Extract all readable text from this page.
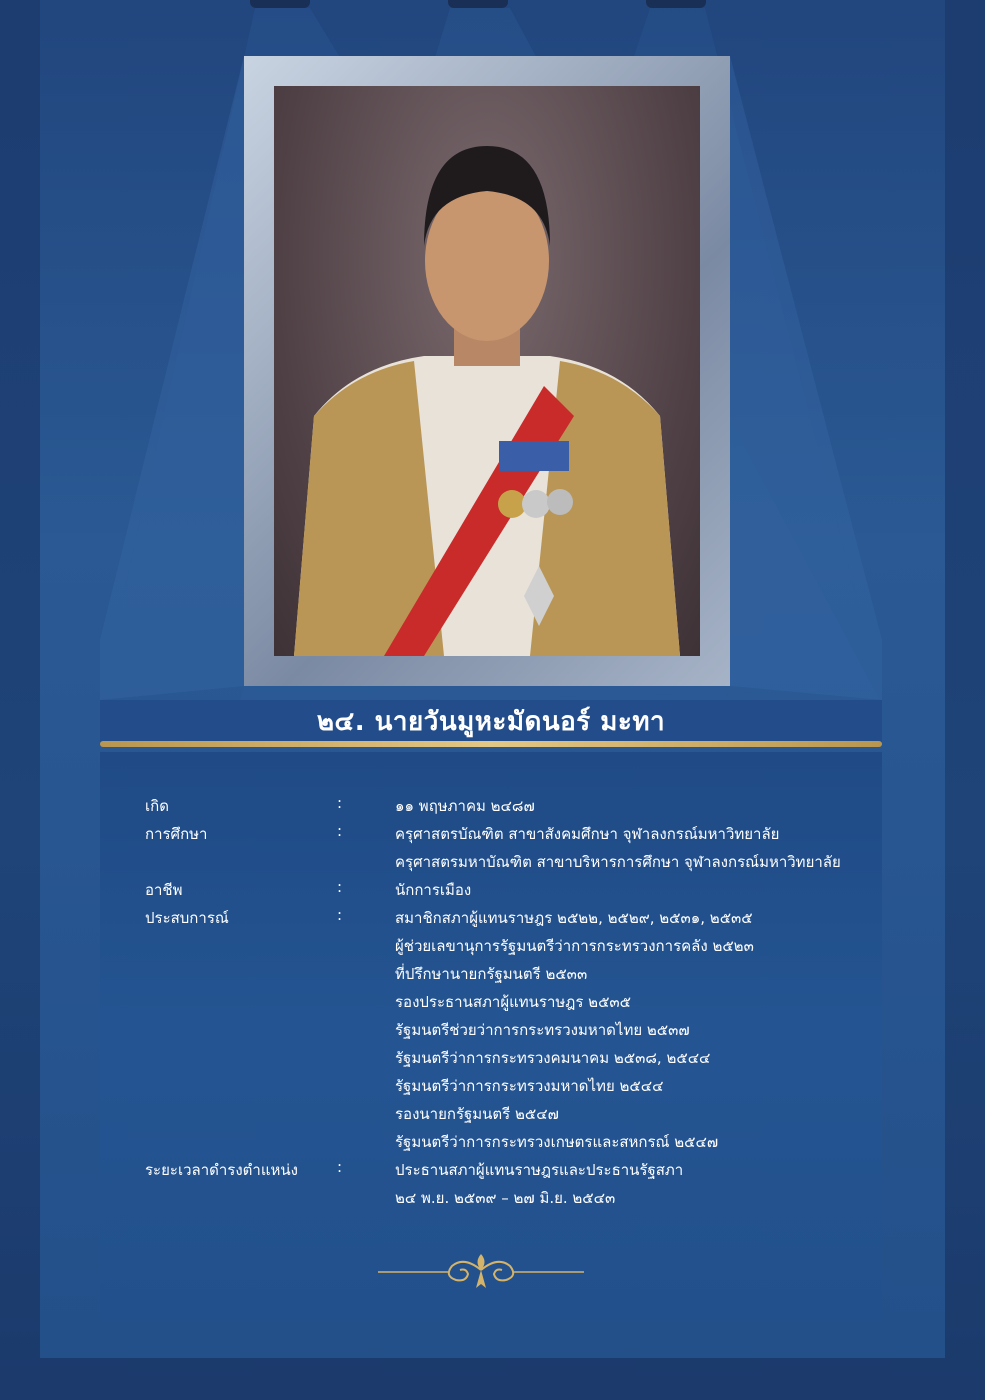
๒๔. นายวันมูหะมัดนอร์ มะทา
เกิด	:	๑๑ พฤษภาคม ๒๔๘๗
การศึกษา	:	ครุศาสตรบัณฑิต สาขาสังคมศึกษา จุฬาลงกรณ์มหาวิทยาลัย
ครุศาสตรมหาบัณฑิต สาขาบริหารการศึกษา จุฬาลงกรณ์มหาวิทยาลัย
อาชีพ	:	นักการเมือง
ประสบการณ์	:	สมาชิกสภาผู้แทนราษฎร ๒๕๒๒, ๒๕๒๙, ๒๕๓๑, ๒๕๓๕
ผู้ช่วยเลขานุการรัฐมนตรีว่าการกระทรวงการคลัง ๒๕๒๓
ที่ปรึกษานายกรัฐมนตรี ๒๕๓๓
รองประธานสภาผู้แทนราษฎร ๒๕๓๕
รัฐมนตรีช่วยว่าการกระทรวงมหาดไทย ๒๕๓๗
รัฐมนตรีว่าการกระทรวงคมนาคม ๒๕๓๘, ๒๕๔๔
รัฐมนตรีว่าการกระทรวงมหาดไทย ๒๕๔๔
รองนายกรัฐมนตรี ๒๕๔๗
รัฐมนตรีว่าการกระทรวงเกษตรและสหกรณ์ ๒๕๔๗
ระยะเวลาดำรงตำแหน่ง	:	ประธานสภาผู้แทนราษฎรและประธานรัฐสภา
๒๔ พ.ย. ๒๕๓๙ – ๒๗ มิ.ย. ๒๕๔๓
